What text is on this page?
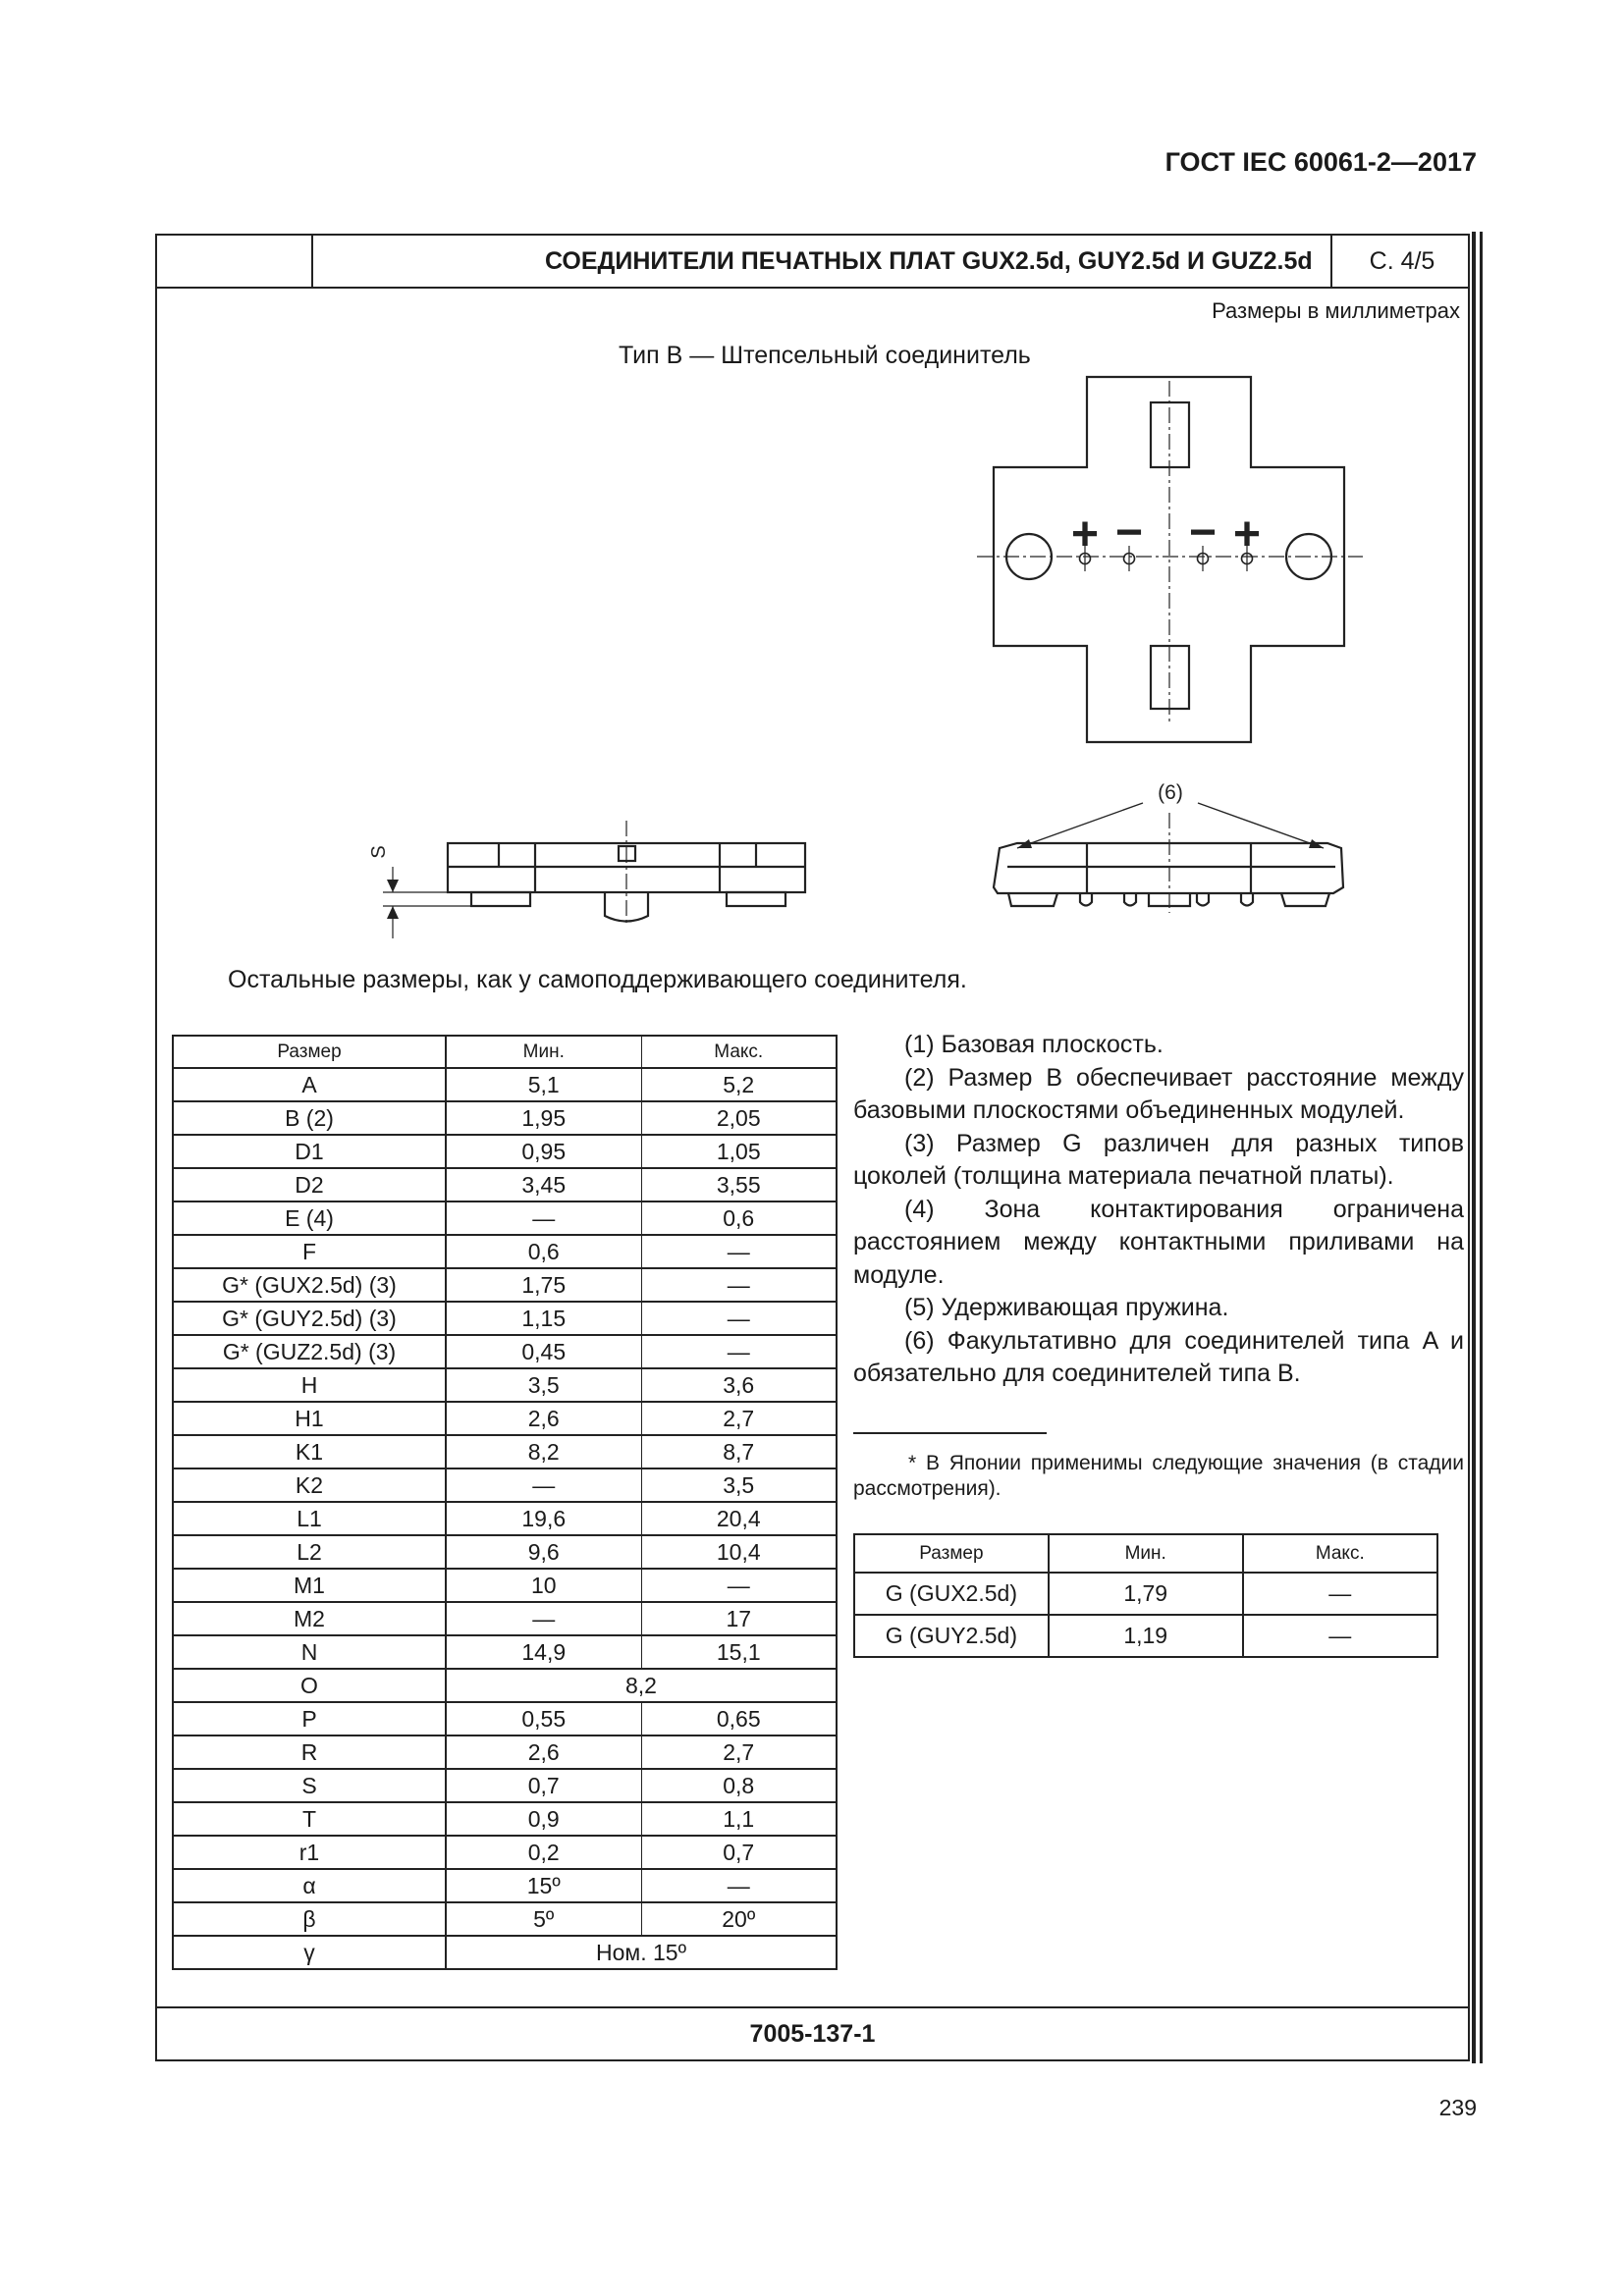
ГОСТ IEC 60061-2—2017
СОЕДИНИТЕЛИ ПЕЧАТНЫХ ПЛАТ GUX2.5d, GUY2.5d И GUZ2.5d	С. 4/5
Размеры в миллиметрах
Тип B — Штепсельный соединитель
+ − − +
S
(6)
Остальные размеры, как у самоподдерживающего соединителя.
Размер	Мин.	Макс.
A	5,1	5,2
B (2)	1,95	2,05
D1	0,95	1,05
D2	3,45	3,55
E (4)	—	0,6
F	0,6	—
G* (GUX2.5d) (3)	1,75	—
G* (GUY2.5d) (3)	1,15	—
G* (GUZ2.5d) (3)	0,45	—
H	3,5	3,6
H1	2,6	2,7
K1	8,2	8,7
K2	—	3,5
L1	19,6	20,4
L2	9,6	10,4
M1	10	—
M2	—	17
N	14,9	15,1
O	8,2	
P	0,55	0,65
R	2,6	2,7
S	0,7	0,8
T	0,9	1,1
r1	0,2	0,7
α	15º	—
β	5º	20º
γ	Ном. 15º	

(1) Базовая плоскость.

(2) Размер B обеспечивает расстояние между базовыми плоскостями объединенных модулей.

(3) Размер G различен для разных типов цоколей (толщина материала печатной платы).

(4) Зона контактирования ограничена расстоянием между контактными приливами на модуле.

(5) Удерживающая пружина.

(6) Факультативно для соединителей типа A и обязательно для соединителей типа B.

* В Японии применимы следующие значения (в стадии рассмотрения).
Размер	Мин.	Макс.
G (GUX2.5d)	1,79	—
G (GUY2.5d)	1,19	—
7005-137-1
239
